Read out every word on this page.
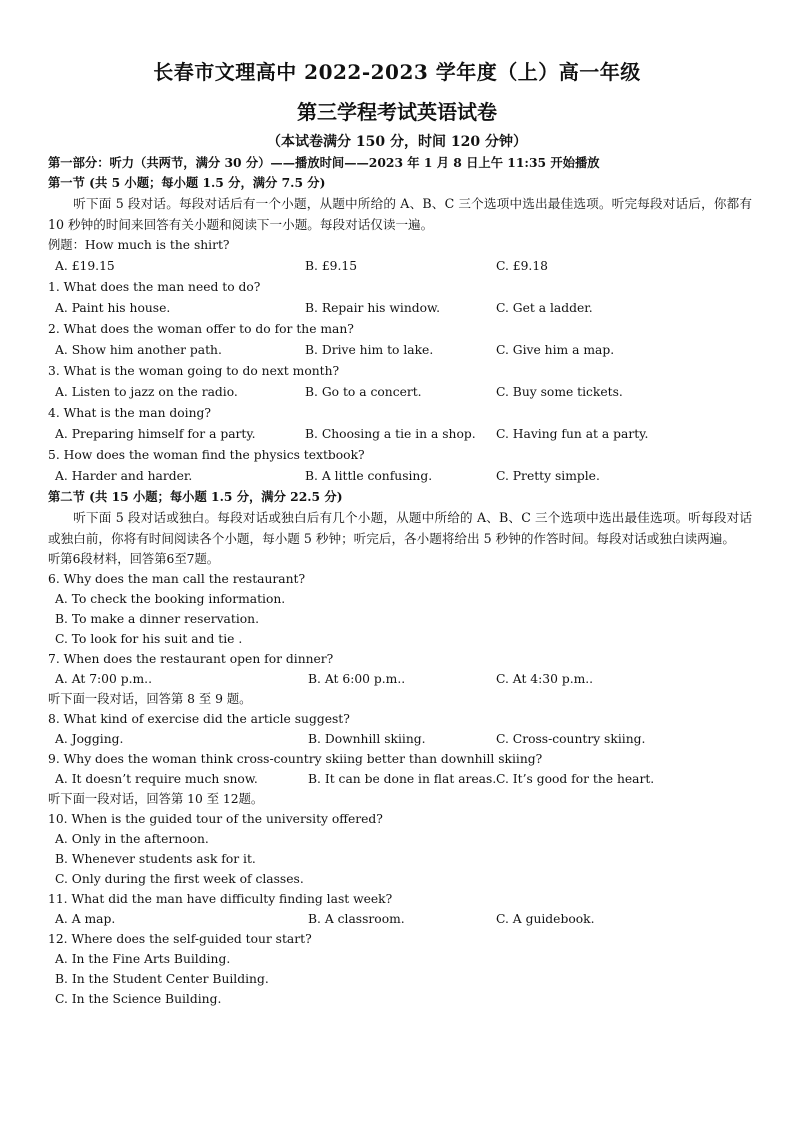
长春市文理高中 2022-2023 学年度（上）高一年级
第三学程考试英语试卷
（本试卷满分 150 分，时间 120 分钟）
第一部分：听力（共两节，满分 30 分）——播放时间——2023 年 1 月 8 日上午 11:35 开始播放
第一节 (共 5 小题；每小题 1.5 分，满分 7.5 分)
听下面 5 段对话。每段对话后有一个小题，从题中所给的 A、B、C 三个选项中选出最佳选项。听完每段对话后，你都有 10 秒钟的时间来回答有关小题和阅读下一小题。每段对话仅读一遍。
例题：How much is the shirt?
A. £19.15	B. £9.15	C. £9.18
1. What does the man need to do?
A. Paint his house.	B. Repair his window.	C. Get a ladder.
2. What does the woman offer to do for the man?
A. Show him another path.	B. Drive him to lake.	C. Give him a map.
3. What is the woman going to do next month?
A. Listen to jazz on the radio.	B. Go to a concert.	C. Buy some tickets.
4. What is the man doing?
A. Preparing himself for a party.	B. Choosing a tie in a shop. C. Having fun at a party.
5. How does the woman find the physics textbook?
A. Harder and harder.	B. A little confusing.	C. Pretty simple.
第二节 (共 15 小题；每小题 1.5 分，满分 22.5 分)
听下面 5 段对话或独白。每段对话或独白后有几个小题，从题中所给的 A、B、C 三个选项中选出最佳选项。听每段对话或独白前，你将有时间阅读各个小题，每小题 5 秒钟；听完后，各小题将给出 5 秒钟的作答时间。每段对话或独白读两遍。
听第6段材料，回答第6至7题。
6. Why does the man call the restaurant?
A. To check the booking information.
B. To make a dinner reservation.
C. To look for his suit and tie .
7. When does the restaurant open for dinner?
A. At 7:00 p.m..	B. At 6:00 p.m..	C. At 4:30 p.m..
听下面一段对话，回答第 8 至 9 题。
8. What kind of exercise did the article suggest?
A. Jogging.	B. Downhill skiing.	C. Cross-country skiing.
9. Why does the woman think cross-country skiing better than downhill skiing?
A. It doesn’t require much snow.	B. It can be done in flat areas. C. It’s good for the heart.
听下面一段对话，回答第 10 至 12题。
10. When is the guided tour of the university offered?
A. Only in the afternoon.
B. Whenever students ask for it.
C. Only during the first week of classes.
11. What did the man have difficulty finding last week?
A. A map.	B. A classroom.	C. A guidebook.
12. Where does the self-guided tour start?
A. In the Fine Arts Building.
B. In the Student Center Building.
C. In the Science Building.
